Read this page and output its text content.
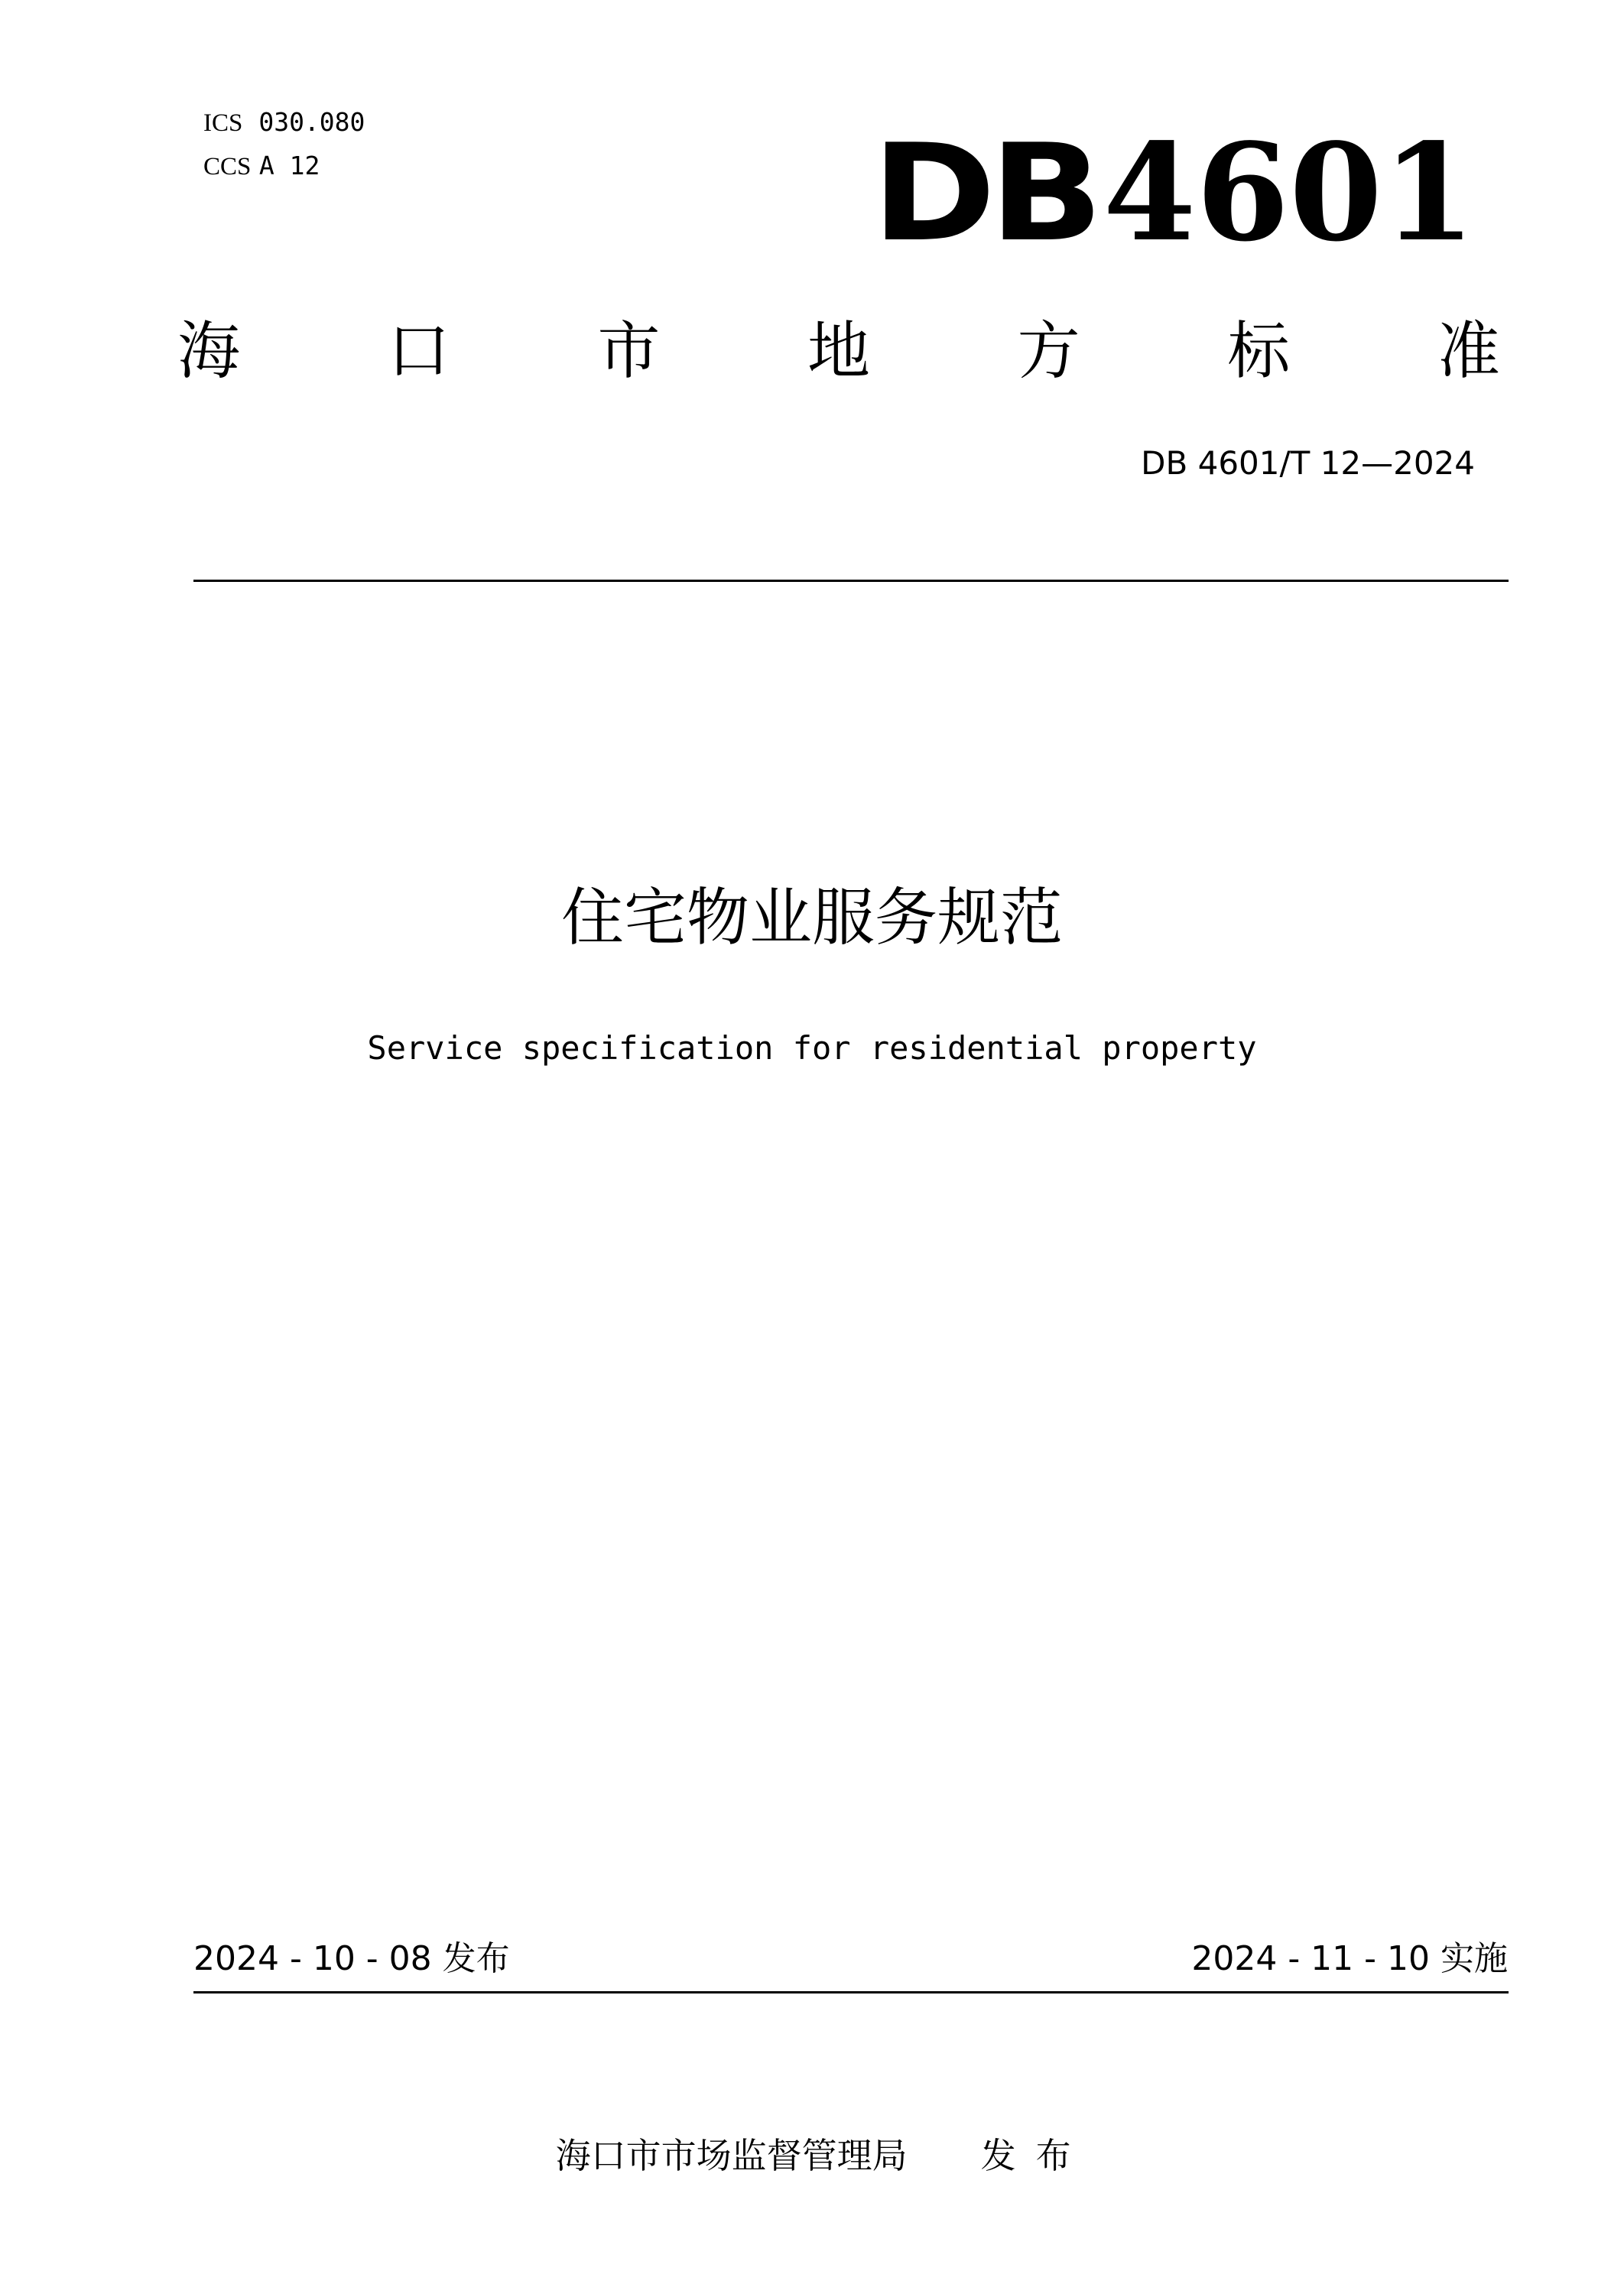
ICS 030.080

CCS A 12	DB 4601
海 口 市 地 方 标 准
DB 4601/T 12—2024
住宅物业服务规范
Service specification for residential property
2024 - 10 - 08 发布	2024 - 11 - 10 实施

海口市市场监督管理局 发布
